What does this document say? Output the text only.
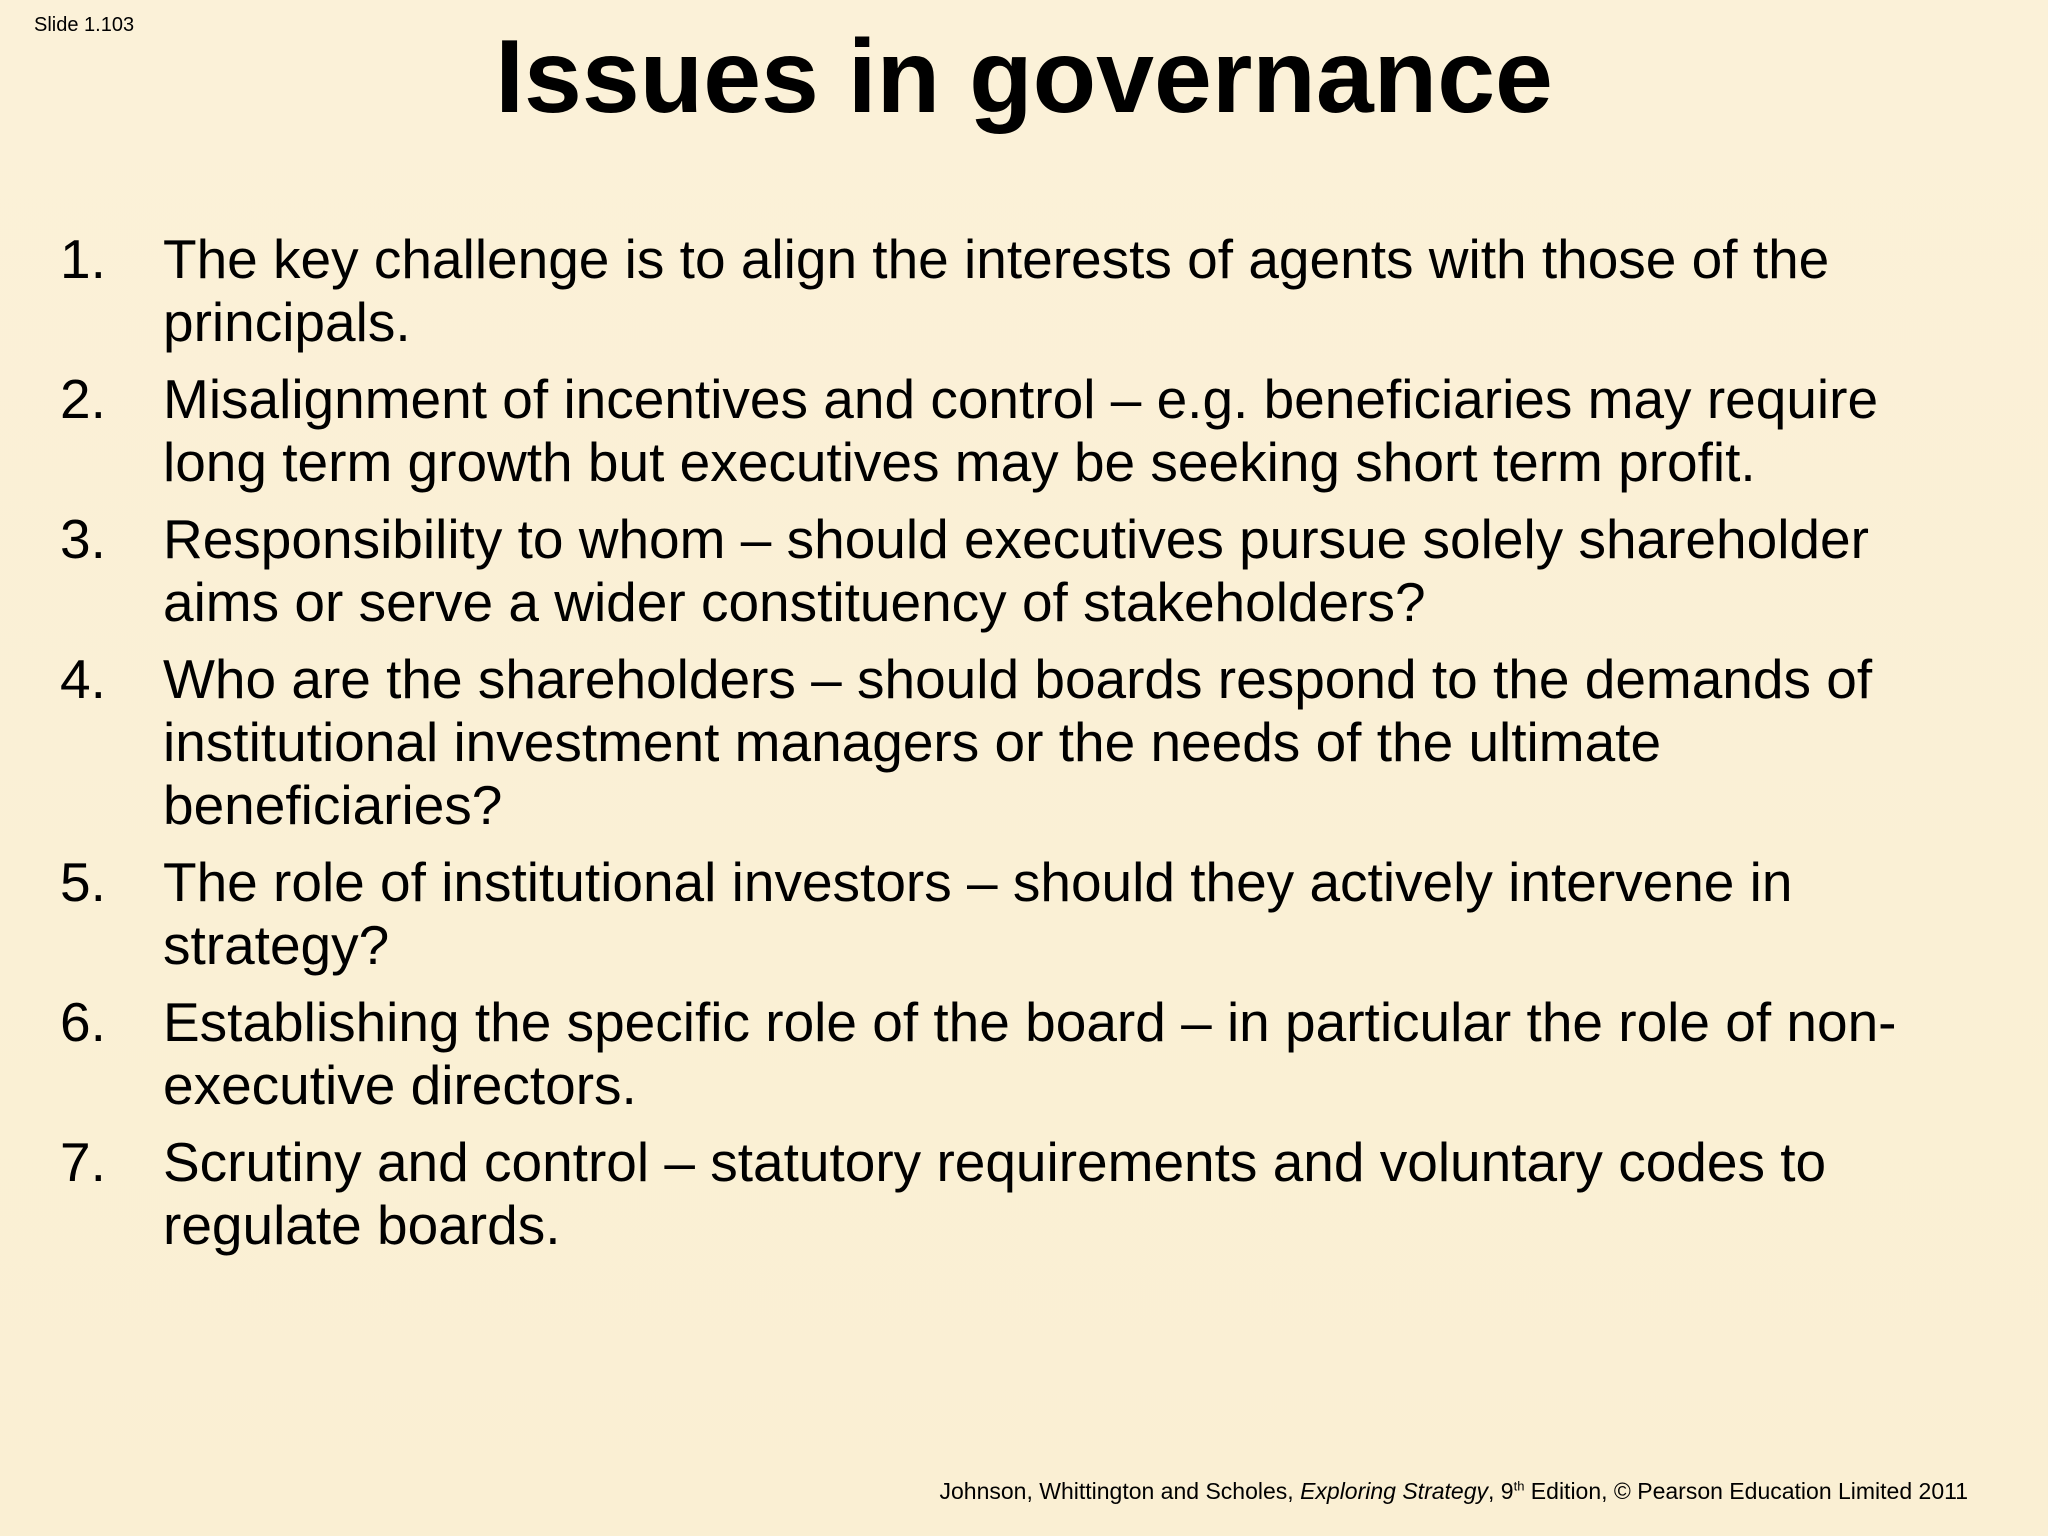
Slide 1.103	Issues in governance
1.	The key challenge is to align the interests of agents with those of the principals.
2.	Misalignment of incentives and control – e.g. beneficiaries may require long term growth but executives may be seeking short term profit.
3.	Responsibility to whom – should executives pursue solely shareholder aims or serve a wider constituency of stakeholders?
4.	Who are the shareholders – should boards respond to the demands of institutional investment managers or the needs of the ultimate beneficiaries?
5.	The role of institutional investors – should they actively intervene in strategy?
6.	Establishing the specific role of the board – in particular the role of non-executive directors.
7.	Scrutiny and control – statutory requirements and voluntary codes to regulate boards.
Johnson, Whittington and Scholes, Exploring Strategy, 9th Edition, © Pearson Education Limited 2011
